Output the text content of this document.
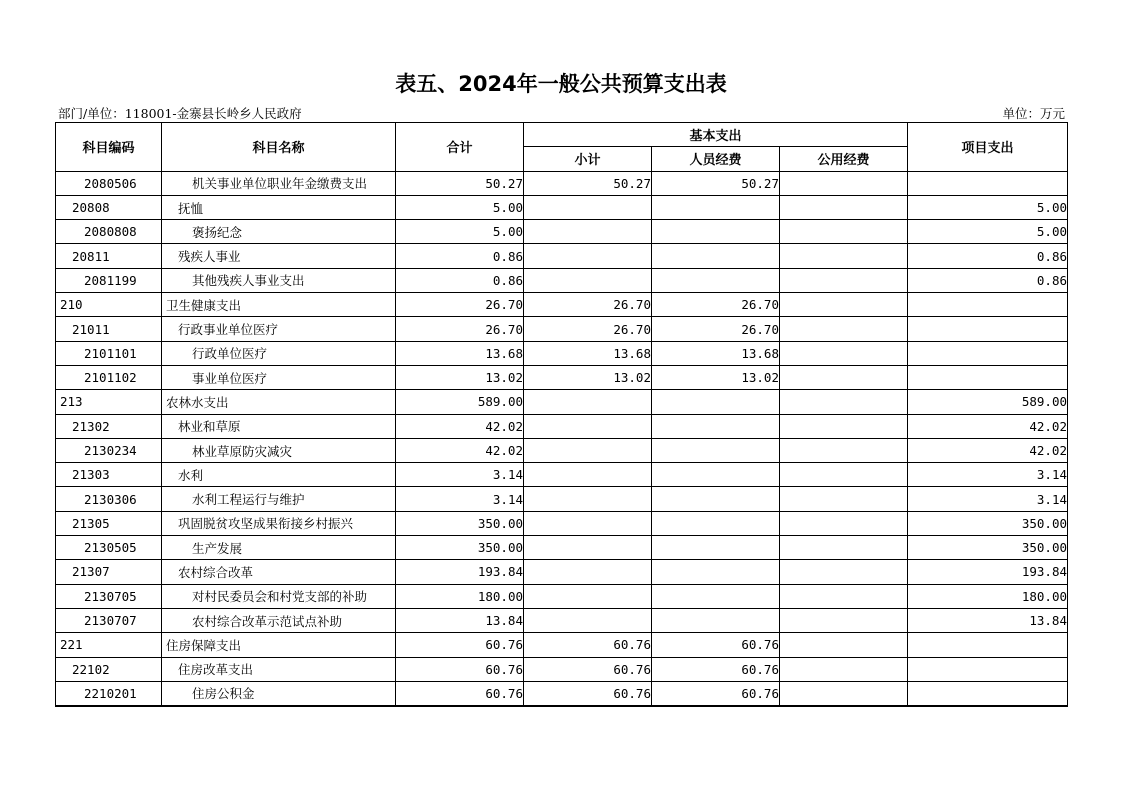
表五、2024年一般公共预算支出表
部门/单位：118001-金寨县长岭乡人民政府	单位：万元
科目编码	科目名称	合计	基本支出			项目支出
			小计	人员经费	公用经费	
2080506	机关事业单位职业年金缴费支出	50.27	50.27	50.27		
20808	抚恤	5.00				5.00
2080808	褒扬纪念	5.00				5.00
20811	残疾人事业	0.86				0.86
2081199	其他残疾人事业支出	0.86				0.86
210	卫生健康支出	26.70	26.70	26.70		
21011	行政事业单位医疗	26.70	26.70	26.70		
2101101	行政单位医疗	13.68	13.68	13.68		
2101102	事业单位医疗	13.02	13.02	13.02		
213	农林水支出	589.00				589.00
21302	林业和草原	42.02				42.02
2130234	林业草原防灾减灾	42.02				42.02
21303	水利	3.14				3.14
2130306	水利工程运行与维护	3.14				3.14
21305	巩固脱贫攻坚成果衔接乡村振兴	350.00				350.00
2130505	生产发展	350.00				350.00
21307	农村综合改革	193.84				193.84
2130705	对村民委员会和村党支部的补助	180.00				180.00
2130707	农村综合改革示范试点补助	13.84				13.84
221	住房保障支出	60.76	60.76	60.76		
22102	住房改革支出	60.76	60.76	60.76		
2210201	住房公积金	60.76	60.76	60.76		
